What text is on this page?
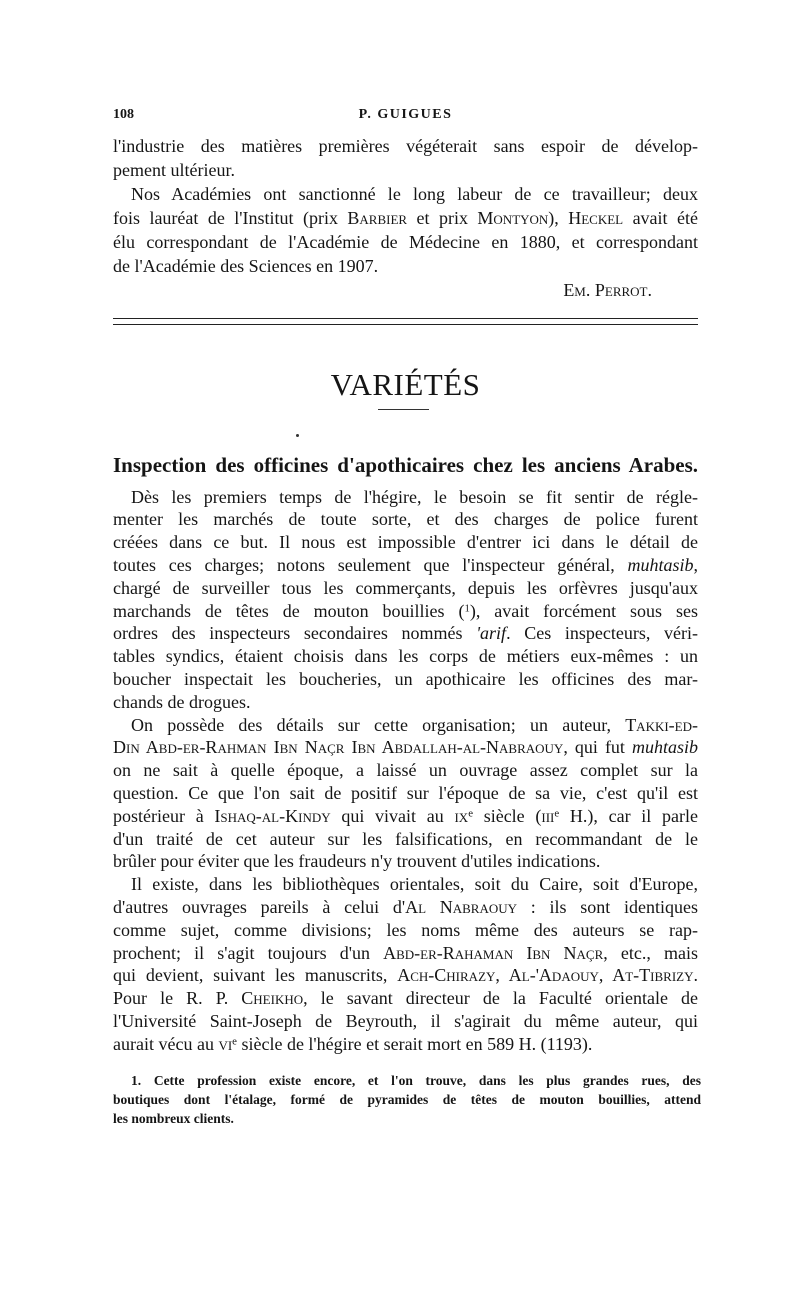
108	P. GUIGUES
l'industrie des matières premières végéterait sans espoir de dévelop-
pement ultérieur.
Nos Académies ont sanctionné le long labeur de ce travailleur; deux
fois lauréat de l'Institut (prix Barbier et prix Montyon), Heckel avait été
élu correspondant de l'Académie de Médecine en 1880, et correspondant
de l'Académie des Sciences en 1907.
Em. Perrot.
VARIÉTÉS
Inspection des officines d'apothicaires chez les anciens Arabes.
Dès les premiers temps de l'hégire, le besoin se fit sentir de régle-
menter les marchés de toute sorte, et des charges de police furent
créées dans ce but. Il nous est impossible d'entrer ici dans le détail de
toutes ces charges; notons seulement que l'inspecteur général, muhtasib,
chargé de surveiller tous les commerçants, depuis les orfèvres jusqu'aux
marchands de têtes de mouton bouillies ($^1$), avait forcément sous ses
ordres des inspecteurs secondaires nommés 'arif. Ces inspecteurs, véri-
tables syndics, étaient choisis dans les corps de métiers eux-mêmes : un
boucher inspectait les boucheries, un apothicaire les officines des mar-
chands de drogues.
On possède des détails sur cette organisation; un auteur, Takki-ed-
Din Abd-er-Rahman Ibn Naçr Ibn Abdallah-al-Nabraouy, qui fut muhtasib
on ne sait à quelle époque, a laissé un ouvrage assez complet sur la
question. Ce que l'on sait de positif sur l'époque de sa vie, c'est qu'il est
postérieur à Ishaq-al-Kindy qui vivait au $ix^e$ siècle (iii$^e$ H.), car il parle
d'un traité de cet auteur sur les falsifications, en recommandant de le
brûler pour éviter que les fraudeurs n'y trouvent d'utiles indications.
Il existe, dans les bibliothèques orientales, soit du Caire, soit d'Europe,
d'autres ouvrages pareils à celui d'Al Nabraouy : ils sont identiques
comme sujet, comme divisions; les noms même des auteurs se rap-
prochent; il s'agit toujours d'un Abd-er-Rahaman Ibn Naçr, etc., mais
qui devient, suivant les manuscrits, Ach-Chirazy, Al-'Adaouy, At-Tibrizy.
Pour le R. P. Cheikho, le savant directeur de la Faculté orientale de
l'Université Saint-Joseph de Beyrouth, il s'agirait du même auteur, qui
aurait vécu au $vi^e$ siècle de l'hégire et serait mort en 589 H. (1193).
1. Cette profession existe encore, et l'on trouve, dans les plus grandes rues, des
boutiques dont l'étalage, formé de pyramides de têtes de mouton bouillies, attend
les nombreux clients.
